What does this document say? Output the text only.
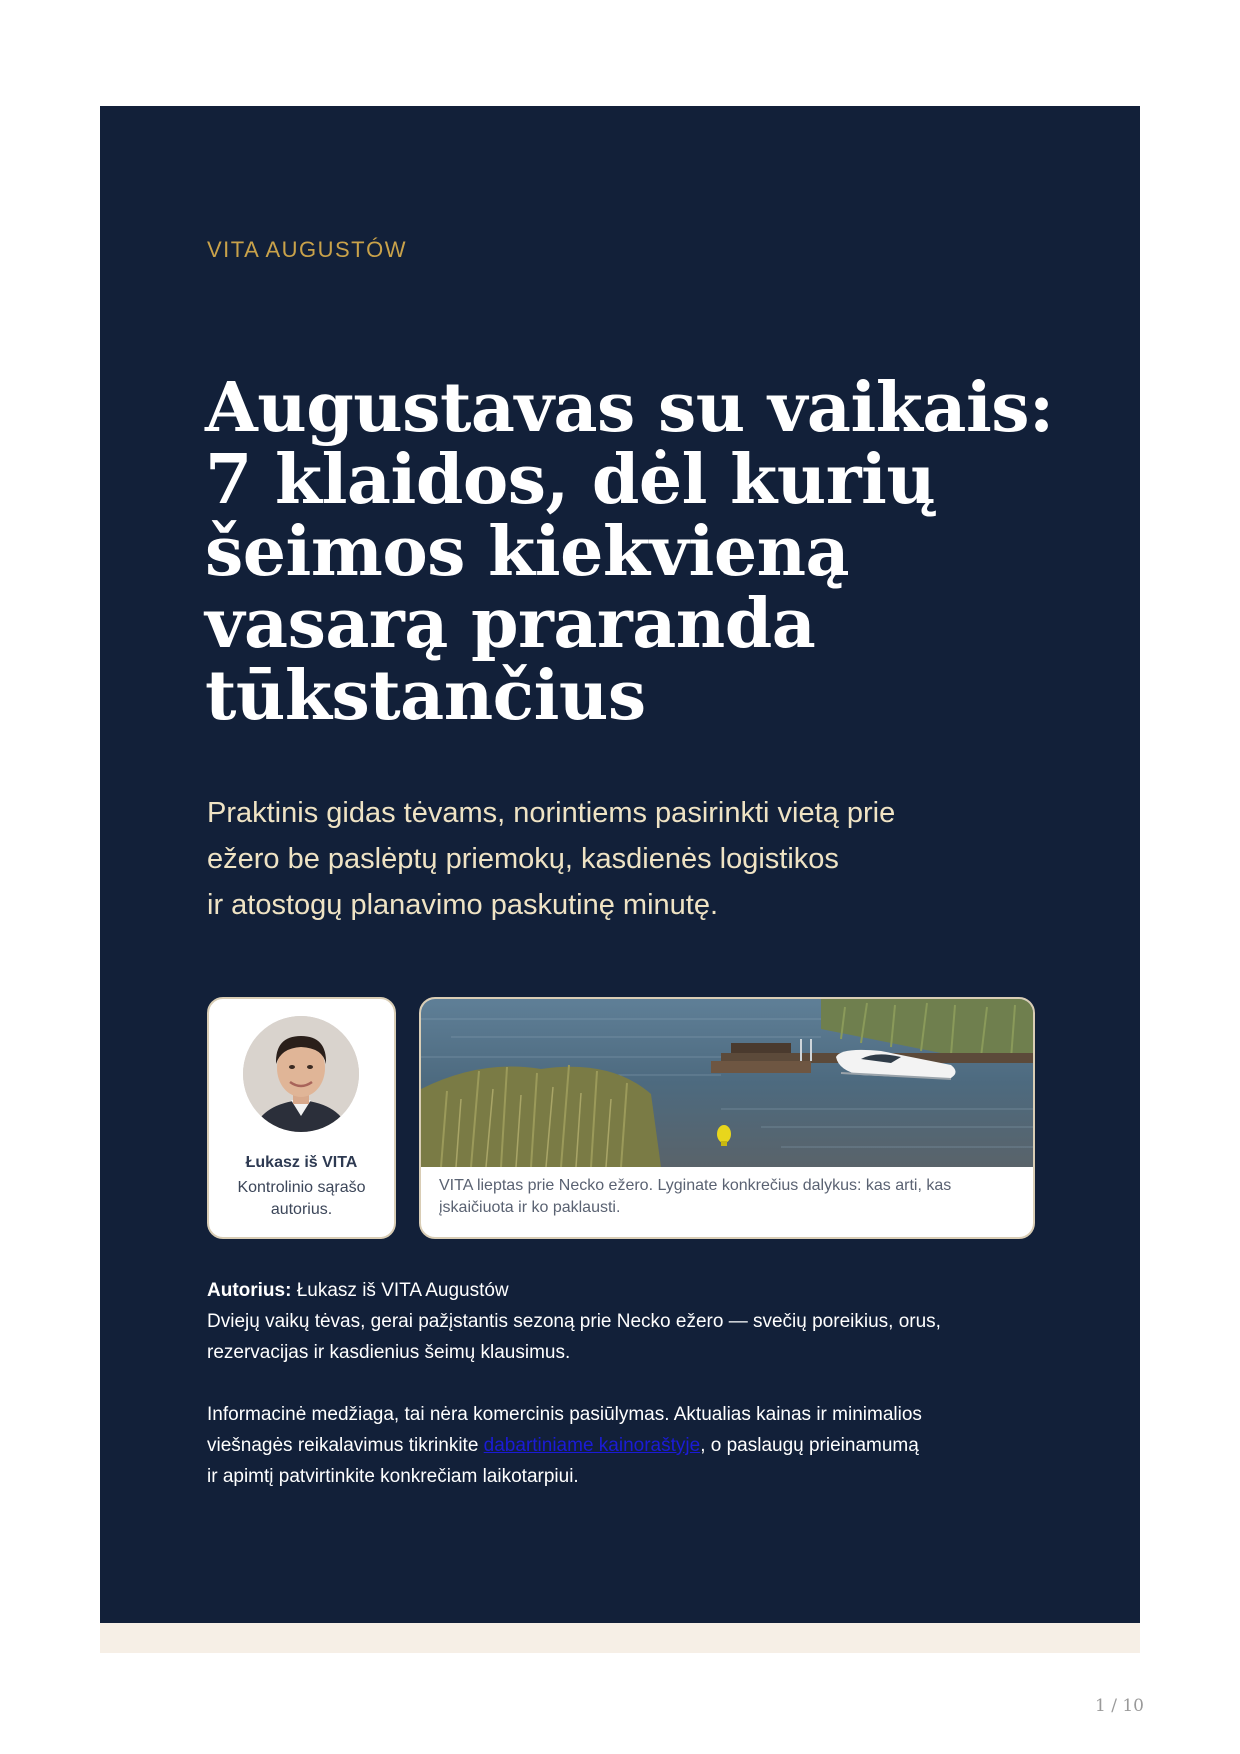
VITA AUGUSTÓW
Augustavas su vaikais:
7 klaidos, dėl kurių
šeimos kiekvieną
vasarą praranda
tūkstančius

Praktinis gidas tėvams, norintiems pasirinkti vietą prie
ežero be paslėptų priemokų, kasdienės logistikos
ir atostogų planavimo paskutinę minutę.

Łukasz iš VITA
Kontrolinio sąrašo autorius.
VITA lieptas prie Necko ežero. Lyginate konkrečius dalykus: kas arti, kas įskaičiuota ir ko paklausti.
Autorius: Łukasz iš VITA Augustów
Dviejų vaikų tėvas, gerai pažįstantis sezoną prie Necko ežero — svečių poreikius, orus,
rezervacijas ir kasdienius šeimų klausimus.
Informacinė medžiaga, tai nėra komercinis pasiūlymas. Aktualias kainas ir minimalios
viešnagės reikalavimus tikrinkite dabartiniame kainoraštyje, o paslaugų prieinamumą
ir apimtį patvirtinkite konkrečiam laikotarpiui.
1 / 10
